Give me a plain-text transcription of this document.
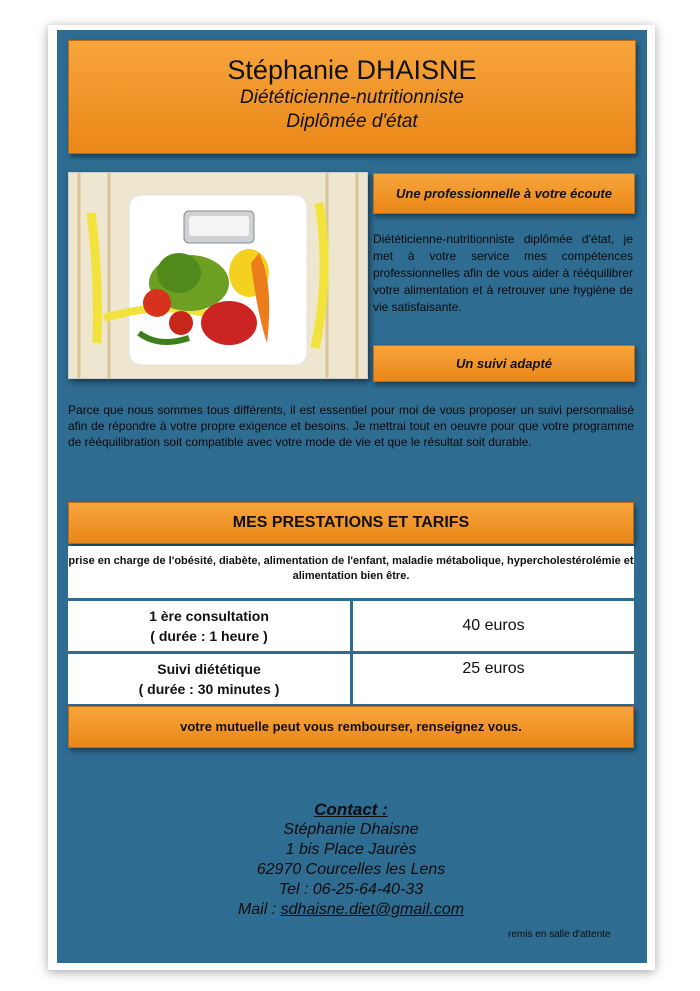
Stéphanie DHAISNE
Diététicienne-nutritionniste
Diplômée d'état
Une professionnelle à votre écoute
Diététicienne-nutritionniste diplômée d'état, je met à votre service mes compétences professionnelles afin de vous aider à rééquilibrer votre alimentation et à retrouver une hygiène de vie satisfaisante.
Un suivi adapté
Parce que nous sommes tous différents, il est essentiel pour moi de vous proposer un suivi personnalisé afin de répondre à votre propre exigence et besoins. Je mettrai tout en oeuvre pour que votre programme de rééquilibration soit compatible avec votre mode de vie et que le résultat soit durable.
MES PRESTATIONS ET TARIFS
prise en charge de l'obésité, diabète, alimentation de l'enfant, maladie métabolique, hypercholestérolémie et alimentation bien être.
1 ère consultation
( durée : 1 heure )
40 euros
Suivi diététique
( durée : 30 minutes )
25 euros
votre mutuelle peut vous rembourser, renseignez vous.
Contact :
Stéphanie Dhaisne
1 bis Place Jaurès
62970 Courcelles les Lens
Tel : 06-25-64-40-33
Mail : sdhaisne.diet@gmail.com
remis en salle d'attente
